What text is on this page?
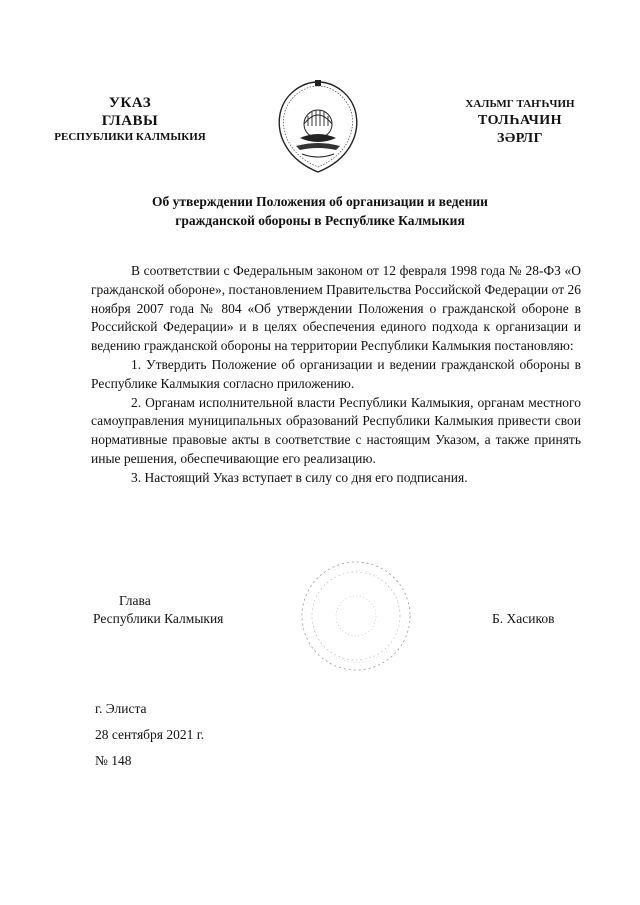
УКАЗ
ГЛАВЫ
РЕСПУБЛИКИ КАЛМЫКИЯ
ХАЛЬМГ ТАҤҺЧИН
ТОЛҺАЧИН
ЗӘРЛГ
Об утверждении Положения об организации и ведении
гражданской обороны в Республике Калмыкия

В соответствии с Федеральным законом от 12 февраля 1998 года № 28-ФЗ «О гражданской обороне», постановлением Правительства Российской Федерации от 26 ноября 2007 года № 804 «Об утверждении Положения о гражданской обороне в Российской Федерации» и в целях обеспечения единого подхода к организации и ведению гражданской обороны на территории Республики Калмыкия постановляю:

1. Утвердить Положение об организации и ведении гражданской обороны в Республике Калмыкия согласно приложению.

2. Органам исполнительной власти Республики Калмыкия, органам местного самоуправления муниципальных образований Республики Калмыкия привести свои нормативные правовые акты в соответствие с настоящим Указом, а также принять иные решения, обеспечивающие его реализацию.

3. Настоящий Указ вступает в силу со дня его подписания.

Глава
Республики Калмыкия	Б. Хасиков
г. Элиста
28 сентября 2021 г.
№ 148
